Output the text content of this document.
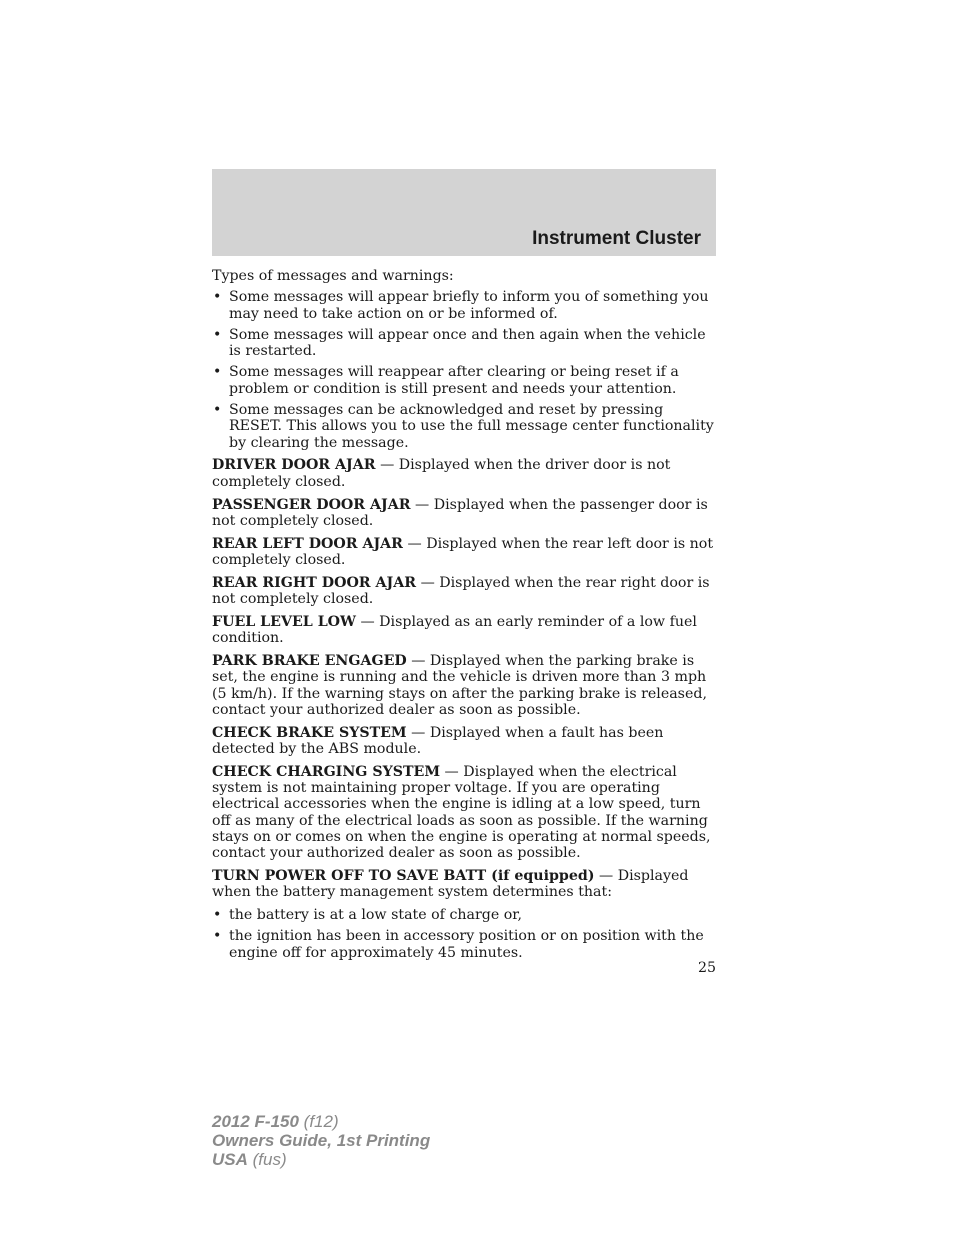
Instrument Cluster

Types of messages and warnings:

• Some messages will appear briefly to inform you of something you may need to take action on or be informed of.
• Some messages will appear once and then again when the vehicle is restarted.
• Some messages will reappear after clearing or being reset if a problem or condition is still present and needs your attention.
• Some messages can be acknowledged and reset by pressing RESET. This allows you to use the full message center functionality by clearing the message.

DRIVER DOOR AJAR — Displayed when the driver door is not completely closed.

PASSENGER DOOR AJAR — Displayed when the passenger door is not completely closed.

REAR LEFT DOOR AJAR — Displayed when the rear left door is not completely closed.

REAR RIGHT DOOR AJAR — Displayed when the rear right door is not completely closed.

FUEL LEVEL LOW — Displayed as an early reminder of a low fuel condition.

PARK BRAKE ENGAGED — Displayed when the parking brake is set, the engine is running and the vehicle is driven more than 3 mph (5 km/h). If the warning stays on after the parking brake is released, contact your authorized dealer as soon as possible.

CHECK BRAKE SYSTEM — Displayed when a fault has been detected by the ABS module.

CHECK CHARGING SYSTEM — Displayed when the electrical system is not maintaining proper voltage. If you are operating electrical accessories when the engine is idling at a low speed, turn off as many of the electrical loads as soon as possible. If the warning stays on or comes on when the engine is operating at normal speeds, contact your authorized dealer as soon as possible.

TURN POWER OFF TO SAVE BATT (if equipped) — Displayed when the battery management system determines that:

• the battery is at a low state of charge or,
• the ignition has been in accessory position or on position with the engine off for approximately 45 minutes.
25
2012 F-150 (f12)
Owners Guide, 1st Printing
USA (fus)
